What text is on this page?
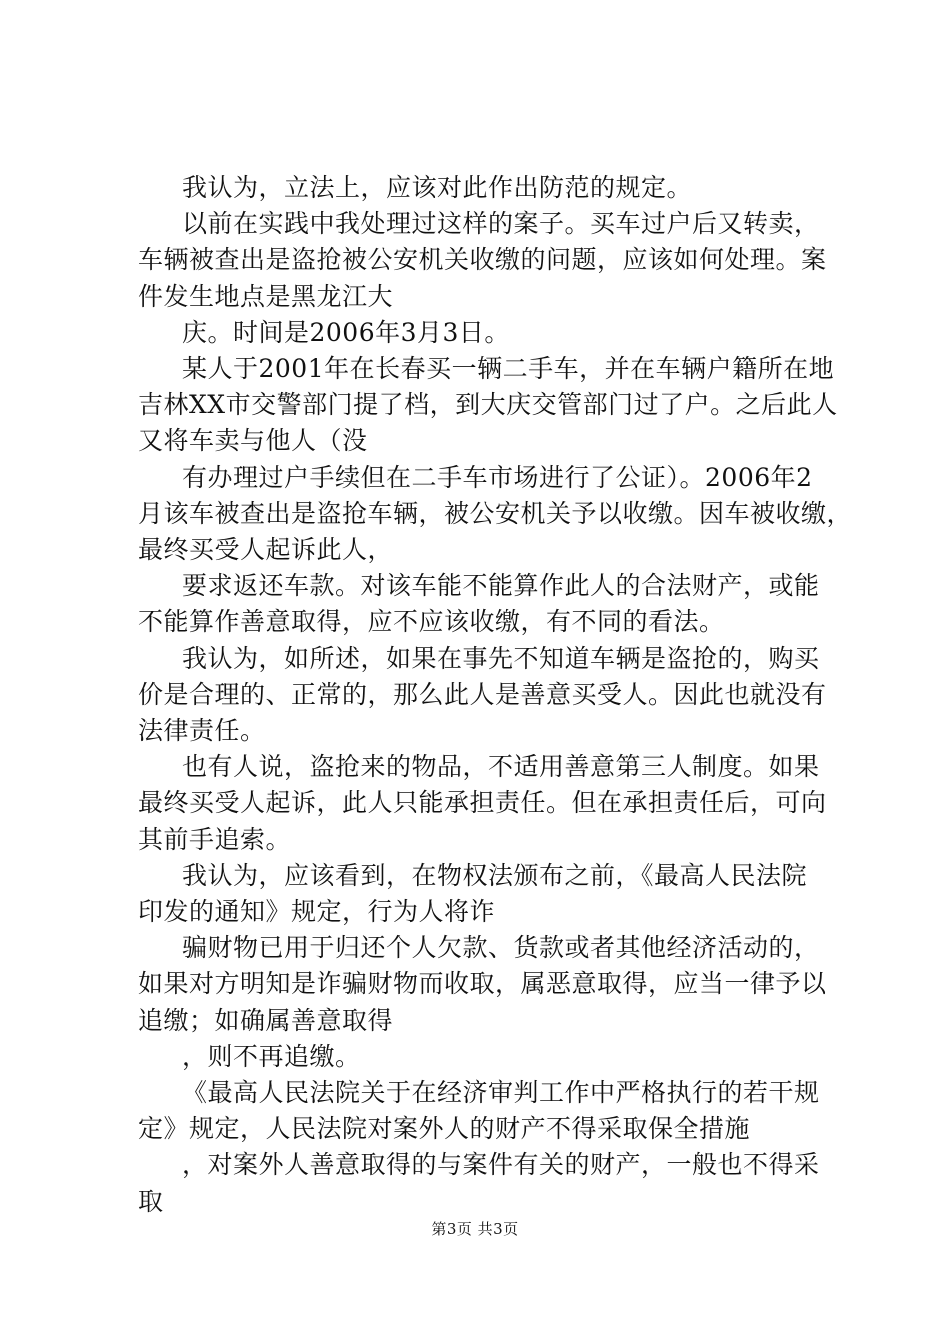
我认为，立法上，应该对此作出防范的规定。

以前在实践中我处理过这样的案子。买车过户后又转卖，
车辆被查出是盗抢被公安机关收缴的问题，应该如何处理。案
件发生地点是黑龙江大

庆。时间是2006年3月3日。

某人于2001年在长春买一辆二手车，并在车辆户籍所在地
吉林XX市交警部门提了档，到大庆交管部门过了户。之后此人
又将车卖与他人（没

有办理过户手续但在二手车市场进行了公证）。2006年2
月该车被查出是盗抢车辆，被公安机关予以收缴。因车被收缴，
最终买受人起诉此人，

要求返还车款。对该车能不能算作此人的合法财产，或能
不能算作善意取得，应不应该收缴，有不同的看法。

我认为，如所述，如果在事先不知道车辆是盗抢的，购买
价是合理的、正常的，那么此人是善意买受人。因此也就没有
法律责任。

也有人说，盗抢来的物品，不适用善意第三人制度。如果
最终买受人起诉，此人只能承担责任。但在承担责任后，可向
其前手追索。

我认为，应该看到，在物权法颁布之前，《最高人民法院
印发的通知》规定，行为人将诈

骗财物已用于归还个人欠款、货款或者其他经济活动的，
如果对方明知是诈骗财物而收取，属恶意取得，应当一律予以
追缴；如确属善意取得

，则不再追缴。

《最高人民法院关于在经济审判工作中严格执行的若干规
定》规定，人民法院对案外人的财产不得采取保全措施

，对案外人善意取得的与案件有关的财产，一般也不得采
取

第3页 共3页
